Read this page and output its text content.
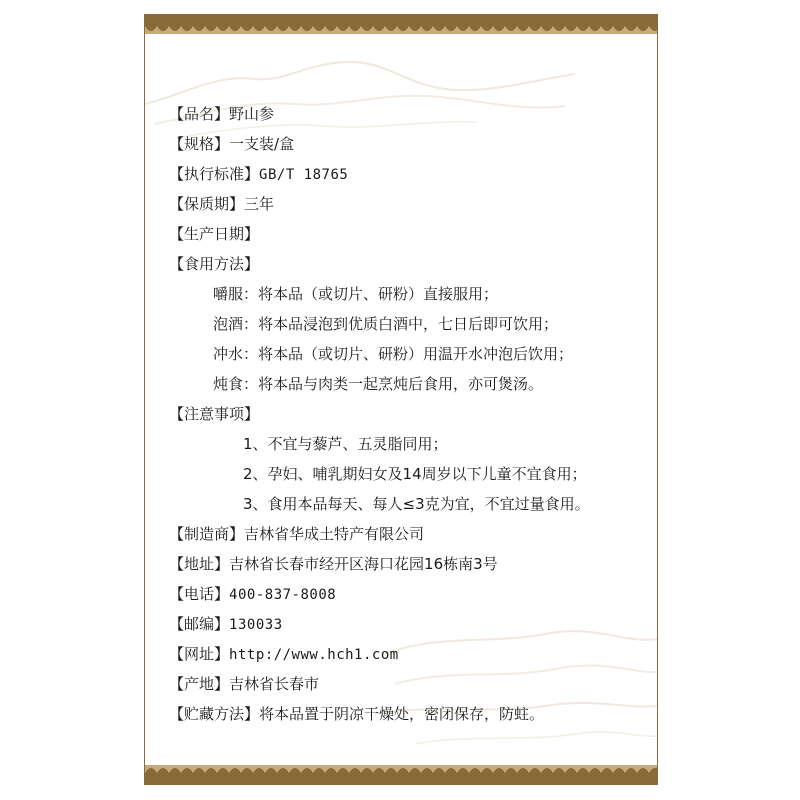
【 品名 】 野山参
【 规格 】 一支装/盒
【 执行标准 】 GB/T 18765
【 保质期 】 三年
【 生产日期 】
【 食用方法 】
嚼服：将本品（或切片、研粉）直接服用；
泡酒：将本品浸泡到优质白酒中，七日后即可饮用；
冲水：将本品（或切片、研粉）用温开水冲泡后饮用；
炖食：将本品与肉类一起烹炖后食用，亦可煲汤。
【 注意事项 】
1、不宜与藜芦、五灵脂同用；
2、孕妇、哺乳期妇女及14周岁以下儿童不宜食用；
3、食用本品每天、每人≤3克为宜，不宜过量食用。
【 制造商 】 吉林省华成土特产有限公司
【 地址 】 吉林省长春市经开区海口花园16栋南3号
【 电话 】 400-837-8008
【 邮编 】 130033
【 网址 】 http://www.hch1.com
【 产地 】 吉林省长春市
【 贮藏方法 】 将本品置于阴凉干燥处，密闭保存，防蛀。
